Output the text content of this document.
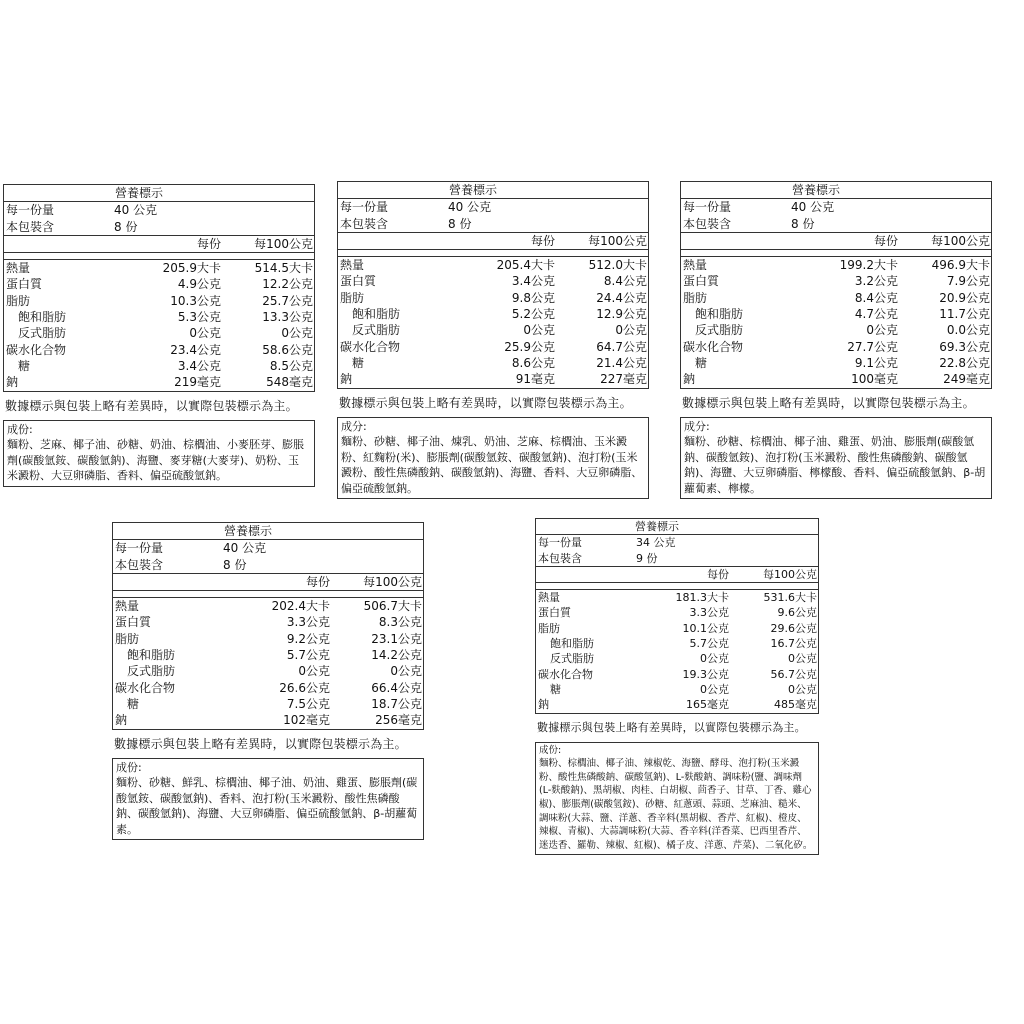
營養標示
每一份量	40 公克
本包裝含	8 份
每份	每100公克
熱量	205.9大卡	514.5大卡
蛋白質	4.9公克	12.2公克
脂肪	10.3公克	25.7公克
飽和脂肪	5.3公克	13.3公克
反式脂肪	0公克	0公克
碳水化合物	23.4公克	58.6公克
糖	3.4公克	8.5公克
鈉	219毫克	548毫克
數據標示與包裝上略有差異時，以實際包裝標示為主。
成份:
麵粉、芝麻、椰子油、砂糖、奶油、棕櫚油、小麥胚芽、膨脹劑(碳酸氫銨、碳酸氫鈉)、海鹽、麥芽糖(大麥芽)、奶粉、玉米澱粉、大豆卵磷脂、香料、偏亞硫酸氫鈉。
營養標示
每一份量	40 公克
本包裝含	8 份
每份	每100公克
熱量	205.4大卡	512.0大卡
蛋白質	3.4公克	8.4公克
脂肪	9.8公克	24.4公克
飽和脂肪	5.2公克	12.9公克
反式脂肪	0公克	0公克
碳水化合物	25.9公克	64.7公克
糖	8.6公克	21.4公克
鈉	91毫克	227毫克
數據標示與包裝上略有差異時，以實際包裝標示為主。
成分:
麵粉、砂糖、椰子油、煉乳、奶油、芝麻、棕櫚油、玉米澱粉、紅麴粉(米)、膨脹劑(碳酸氫銨、碳酸氫鈉)、泡打粉(玉米澱粉、酸性焦磷酸鈉、碳酸氫鈉)、海鹽、香料、大豆卵磷脂、偏亞硫酸氫鈉。
營養標示
每一份量	40 公克
本包裝含	8 份
每份	每100公克
熱量	199.2大卡	496.9大卡
蛋白質	3.2公克	7.9公克
脂肪	8.4公克	20.9公克
飽和脂肪	4.7公克	11.7公克
反式脂肪	0公克	0.0公克
碳水化合物	27.7公克	69.3公克
糖	9.1公克	22.8公克
鈉	100毫克	249毫克
數據標示與包裝上略有差異時，以實際包裝標示為主。
成分:
麵粉、砂糖、棕櫚油、椰子油、雞蛋、奶油、膨脹劑(碳酸氫鈉、碳酸氫銨)、泡打粉(玉米澱粉、酸性焦磷酸鈉、碳酸氫鈉)、海鹽、大豆卵磷脂、檸檬酸、香料、偏亞硫酸氫鈉、β-胡蘿蔔素、檸檬。
營養標示
每一份量	40 公克
本包裝含	8 份
每份	每100公克
熱量	202.4大卡	506.7大卡
蛋白質	3.3公克	8.3公克
脂肪	9.2公克	23.1公克
飽和脂肪	5.7公克	14.2公克
反式脂肪	0公克	0公克
碳水化合物	26.6公克	66.4公克
糖	7.5公克	18.7公克
鈉	102毫克	256毫克
數據標示與包裝上略有差異時，以實際包裝標示為主。
成份:
麵粉、砂糖、鮮乳、棕櫚油、椰子油、奶油、雞蛋、膨脹劑(碳酸氫銨、碳酸氫鈉)、香料、泡打粉(玉米澱粉、酸性焦磷酸鈉、碳酸氫鈉)、海鹽、大豆卵磷脂、偏亞硫酸氫鈉、β-胡蘿蔔素。
營養標示
每一份量	34 公克
本包裝含	9 份
每份	每100公克
熱量	181.3大卡	531.6大卡
蛋白質	3.3公克	9.6公克
脂肪	10.1公克	29.6公克
飽和脂肪	5.7公克	16.7公克
反式脂肪	0公克	0公克
碳水化合物	19.3公克	56.7公克
糖	0公克	0公克
鈉	165毫克	485毫克
數據標示與包裝上略有差異時，以實際包裝標示為主。
成份:
麵粉、棕櫚油、椰子油、辣椒乾、海鹽、酵母、泡打粉(玉米澱粉、酸性焦磷酸鈉、碳酸氫鈉)、L-麩酸鈉、調味粉(鹽、調味劑(L-麩酸鈉)、黑胡椒、肉桂、白胡椒、茴香子、甘草、丁香、雞心椒)、膨脹劑(碳酸氫銨)、砂糖、紅蔥頭、蒜頭、芝麻油、糙米、調味粉(大蒜、鹽、洋蔥、香辛料(黑胡椒、香芹、紅椒)、橙皮、辣椒、青椒)、大蒜調味粉(大蒜、香辛料(洋香菜、巴西里香芹、迷迭香、羅勒、辣椒、紅椒)、橘子皮、洋蔥、芹菜)、二氧化矽。
